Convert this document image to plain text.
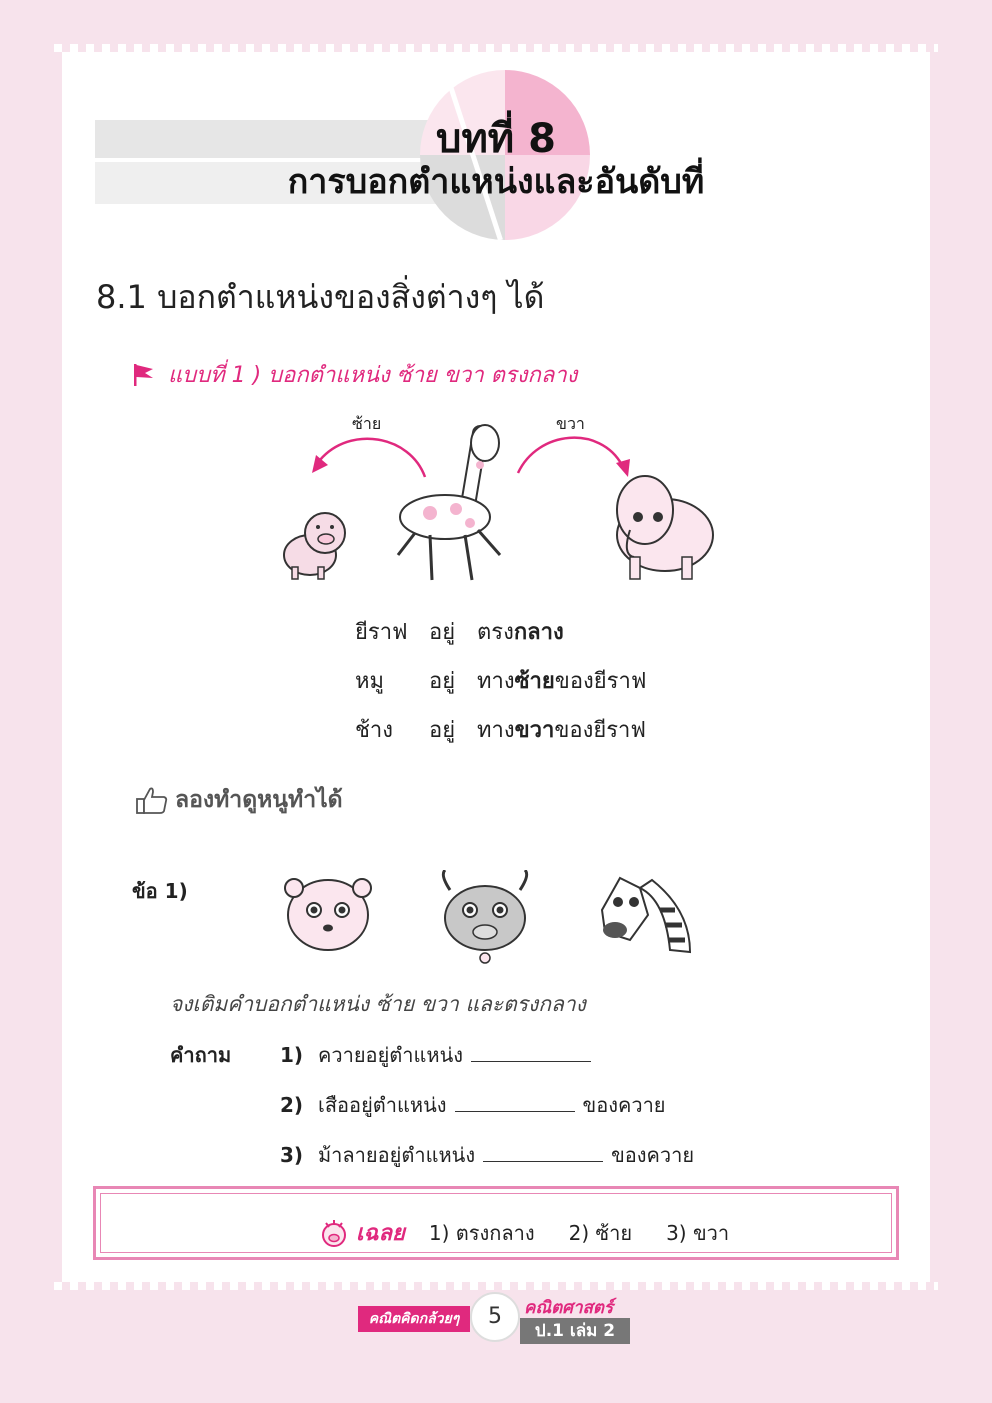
บทที่ 8
การบอกตำแหน่งและอันดับที่
8.1 บอกตำแหน่งของสิ่งต่างๆ ได้
แบบที่ 1 ) บอกตำแหน่ง ซ้าย ขวา ตรงกลาง
ซ้าย	ขวา
ยีราฟ อยู่ ตรง กลาง
หมู	อยู่ ทาง ซ้าย ของยีราฟ
ช้าง	อยู่ ทาง ขวา ของยีราฟ
ลองทำดูหนูทำได้
ข้อ 1)
จงเติมคำบอกตำแหน่ง ซ้าย ขวา และตรงกลาง
คำถาม 1) ควายอยู่ตำแหน่ง
2) เสืออยู่ตำแหน่ง	ของควาย
3) ม้าลายอยู่ตำแหน่ง	ของควาย
เฉลย 1) ตรงกลาง 2) ซ้าย 3) ขวา
คณิตคิดกล้วยๆ	5	คณิตศาสตร์
ป.1 เล่ม 2
